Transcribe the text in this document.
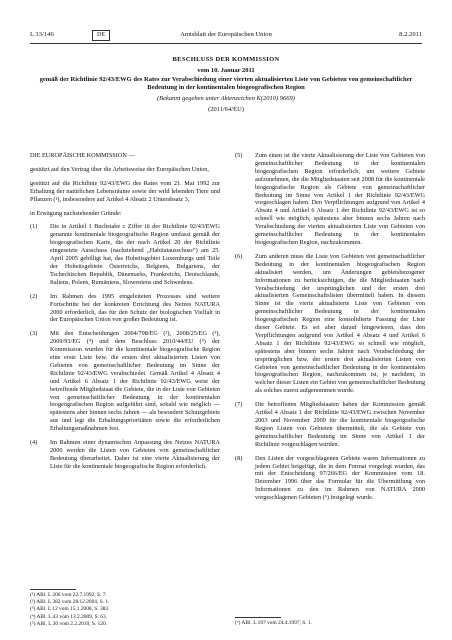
L 33/146	DE	Amtsblatt der Europäischen Union	8.2.2011
BESCHLUSS DER KOMMISSION
vom 10. Januar 2011
gemäß der Richtlinie 92/43/EWG des Rates zur Verabschiedung einer vierten aktualisierten Liste von Gebieten von gemeinschaftlicher Bedeutung in der kontinentalen biogeografischen Region
(Bekannt gegeben unter Aktenzeichen K(2010) 9669)
(2011/64/EU)

DIE EUROPÄISCHE KOMMISSION —

gestützt auf den Vertrag über die Arbeitsweise der Europäischen Union,

gestützt auf die Richtlinie 92/43/EWG des Rates vom 21. Mai 1992 zur Erhaltung der natürlichen Lebensräume sowie der wild lebenden Tiere und Pflanzen (¹), insbesondere auf Artikel 4 Absatz 2 Unterabsatz 3,

in Erwägung nachstehender Gründe:

(1) Die in Artikel 1 Buchstabe c Ziffer iii der Richtlinie 92/43/EWG genannte kontinentale biogeografische Region umfasst gemäß der biogeografischen Karte, die der nach Artikel 20 der Richtlinie eingesetzte Ausschuss (nachstehend „Habitatausschuss“) am 25. April 2005 gebilligt hat, das Hoheitsgebiet Luxemburgs und Teile der Hoheitsgebiete Österreichs, Belgiens, Bulgariens, der Tschechischen Republik, Dänemarks, Frankreichs, Deutschlands, Italiens, Polens, Rumäniens, Sloweniens und Schwedens.
(2) Im Rahmen des 1995 eingeleiteten Prozesses sind weitere Fortschritte bei der konkreten Errichtung des Netzes NATURA 2000 erforderlich, das für den Schutz der biologischen Vielfalt in der Europäischen Union von großer Bedeutung ist.
(3) Mit den Entscheidungen 2004/798/EG (²), 2008/25/EG (³), 2009/93/EG (⁴) und dem Beschluss 2010/44/EU (⁵) der Kommission wurden für die kontinentale biogeografische Region eine erste Liste bzw. die ersten drei aktualisierten Listen von Gebieten von gemeinschaftlicher Bedeutung im Sinne der Richtlinie 92/43/EWG verabschiedet. Gemäß Artikel 4 Absatz 4 und Artikel 6 Absatz 1 der Richtlinie 92/43/EWG weist der betreffende Mitgliedstaat die Gebiete, die in der Liste von Gebieten von gemeinschaftlicher Bedeutung in der kontinentalen biogeografischen Region aufgeführt sind, sobald wie möglich — spätestens aber binnen sechs Jahren — als besondere Schutzgebiete aus und legt die Erhaltungsprioritäten sowie die erforderlichen Erhaltungsmaßnahmen fest.
(4) Im Rahmen einer dynamischen Anpassung des Netzes NATURA 2000 werden die Listen von Gebieten von gemeinschaftlicher Bedeutung überarbeitet. Daher ist eine vierte Aktualisierung der Liste für die kontinentale biogeografische Region erforderlich.
(5) Zum einen ist die vierte Aktualisierung der Liste von Gebieten von gemeinschaftlicher Bedeutung in der kontinentalen biogeografischen Region erforderlich, um weitere Gebiete aufzunehmen, die die Mitgliedstaaten seit 2008 für die kontinentale biogeografische Region als Gebiete von gemeinschaftlicher Bedeutung im Sinne von Artikel 1 der Richtlinie 92/43/EWG vorgeschlagen haben. Den Verpflichtungen aufgrund von Artikel 4 Absatz 4 und Artikel 6 Absatz 1 der Richtlinie 92/43/EWG ist so schnell wie möglich, spätestens aber binnen sechs Jahren nach Verabschiedung der vierten aktualisierten Liste von Gebieten von gemeinschaftlicher Bedeutung in der kontinentalen biogeografischen Region, nachzukommen.
(6) Zum anderen muss die Liste von Gebieten von gemeinschaftlicher Bedeutung in der kontinentalen biogeografischen Region aktualisiert werden, um Änderungen gebietsbezogener Informationen zu berücksichtigen, die die Mitgliedstaaten nach Verabschiedung der ursprünglichen und der ersten drei aktualisierten Gemeinschaftslisten übermittelt haben. In diesem Sinne ist die vierte aktualisierte Liste von Gebieten von gemeinschaftlicher Bedeutung in der kontinentalen biogeografischen Region eine konsolidierte Fassung der Liste dieser Gebiete. Es sei aber darauf hingewiesen, dass den Verpflichtungen aufgrund von Artikel 4 Absatz 4 und Artikel 6 Absatz 1 der Richtlinie 92/43/EWG so schnell wie möglich, spätestens aber binnen sechs Jahren nach Verabschiedung der ursprünglichen bzw. der ersten drei aktualisierten Listen von Gebieten von gemeinschaftlicher Bedeutung in der kontinentalen biogeografischen Region, nachzukommen ist, je nachdem, in welcher dieser Listen ein Gebiet von gemeinschaftlicher Bedeutung als solches zuerst aufgenommen wurde.
(7) Die betroffenen Mitgliedstaaten haben der Kommission gemäß Artikel 4 Absatz 1 der Richtlinie 92/43/EWG zwischen November 2003 und November 2009 für die kontinentale biogeografische Region Listen von Gebieten übermittelt, die als Gebiete von gemeinschaftlicher Bedeutung im Sinne von Artikel 1 der Richtlinie vorgeschlagen wurden.
(8) Den Listen der vorgeschlagenen Gebiete waren Informationen zu jedem Gebiet beigefügt, die in dem Format vorgelegt wurden, das mit der Entscheidung 97/266/EG der Kommission vom 18. Dezember 1996 über das Formular für die Übermittlung von Informationen zu den im Rahmen von NATURA 2000 vorgeschlagenen Gebieten (⁶) festgelegt wurde.
(¹) ABl. L 206 vom 22.7.1992, S. 7.
(²) ABl. L 382 vom 28.12.2004, S. 1.
(³) ABl. L 12 vom 15.1.2008, S. 383.
(⁴) ABl. L 43 vom 13.2.2009, S. 63.
(⁵) ABl. L 30 vom 2.2.2010, S. 120.	(⁶) ABl. L 107 vom 24.4.1997, S. 1.
